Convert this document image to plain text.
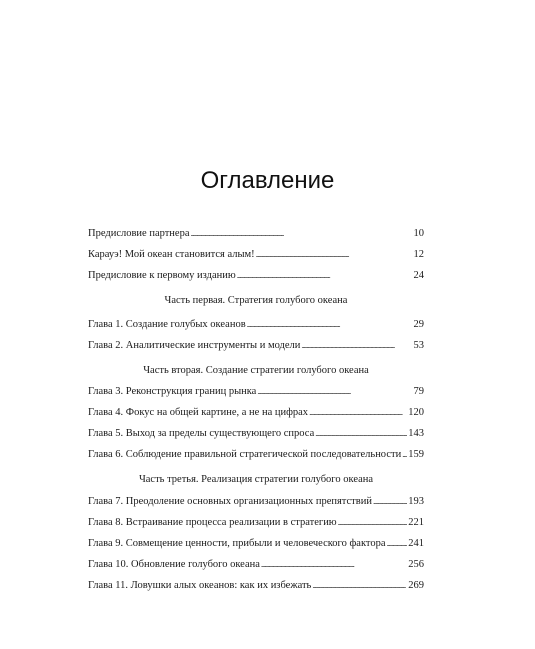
Оглавление
Предисловие партнера . . .	10
Карауэ! Мой океан становится алым! . . .	12
Предисловие к первому изданию . . .	24
Часть первая. Стратегия голубого океана
Глава 1. Создание голубых океанов . . .	29
Глава 2. Аналитические инструменты и модели . . .	53
Часть вторая. Создание стратегии голубого океана
Глава 3. Реконструкция границ рынка . . .	79
Глава 4. Фокус на общей картине, а не на цифрах . . .	120
Глава 5. Выход за пределы существующего спроса . . .	143
Глава 6. Соблюдение правильной стратегической последовательности . . . 159
Часть третья. Реализация стратегии голубого океана
Глава 7. Преодоление основных организационных препятствий . . .	193
Глава 8. Встраивание процесса реализации в стратегию . . .	221
Глава 9. Совмещение ценности, прибыли и человеческого фактора . . . 241
Глава 10. Обновление голубого океана . . .	256
Глава 11. Ловушки алых океанов: как их избежать . . .	269
